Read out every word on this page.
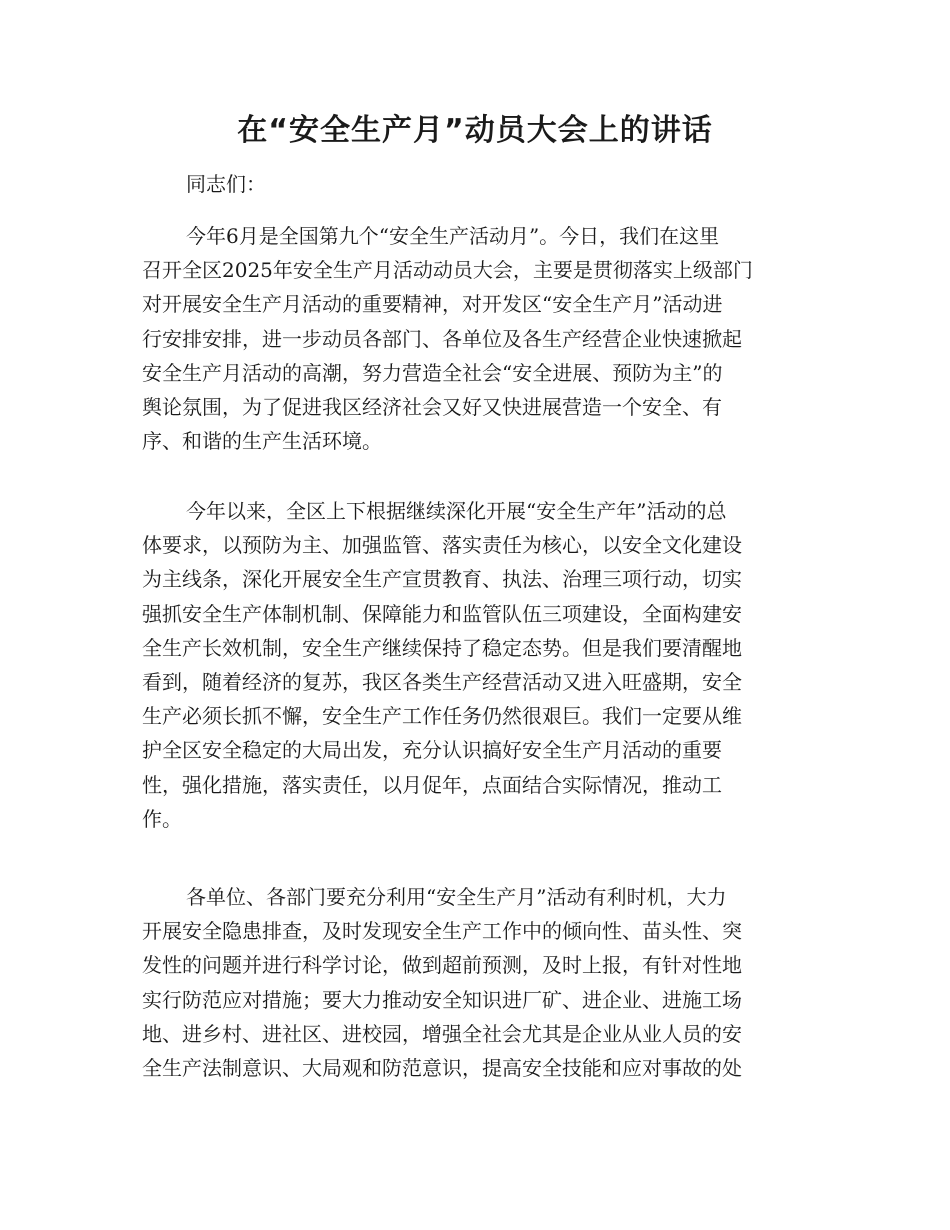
在“安全生产月”动员大会上的讲话

同志们：

今年6月是全国第九个“安全生产活动月”。今日，我们在这里
召开全区2025年安全生产月活动动员大会，主要是贯彻落实上级部门
对开展安全生产月活动的重要精神，对开发区“安全生产月”活动进
行安排安排，进一步动员各部门、各单位及各生产经营企业快速掀起
安全生产月活动的高潮，努力营造全社会“安全进展、预防为主”的
舆论氛围，为了促进我区经济社会又好又快进展营造一个安全、有
序、和谐的生产生活环境。
今年以来，全区上下根据继续深化开展“安全生产年”活动的总
体要求，以预防为主、加强监管、落实责任为核心，以安全文化建设
为主线条，深化开展安全生产宣贯教育、执法、治理三项行动，切实
强抓安全生产体制机制、保障能力和监管队伍三项建设，全面构建安
全生产长效机制，安全生产继续保持了稳定态势。但是我们要清醒地
看到，随着经济的复苏，我区各类生产经营活动又进入旺盛期，安全
生产必须长抓不懈，安全生产工作任务仍然很艰巨。我们一定要从维
护全区安全稳定的大局出发，充分认识搞好安全生产月活动的重要
性，强化措施，落实责任，以月促年，点面结合实际情况，推动工
作。
各单位、各部门要充分利用“安全生产月”活动有利时机，大力
开展安全隐患排查，及时发现安全生产工作中的倾向性、苗头性、突
发性的问题并进行科学讨论，做到超前预测，及时上报，有针对性地
实行防范应对措施；要大力推动安全知识进厂矿、进企业、进施工场
地、进乡村、进社区、进校园，增强全社会尤其是企业从业人员的安
全生产法制意识、大局观和防范意识，提高安全技能和应对事故的处
